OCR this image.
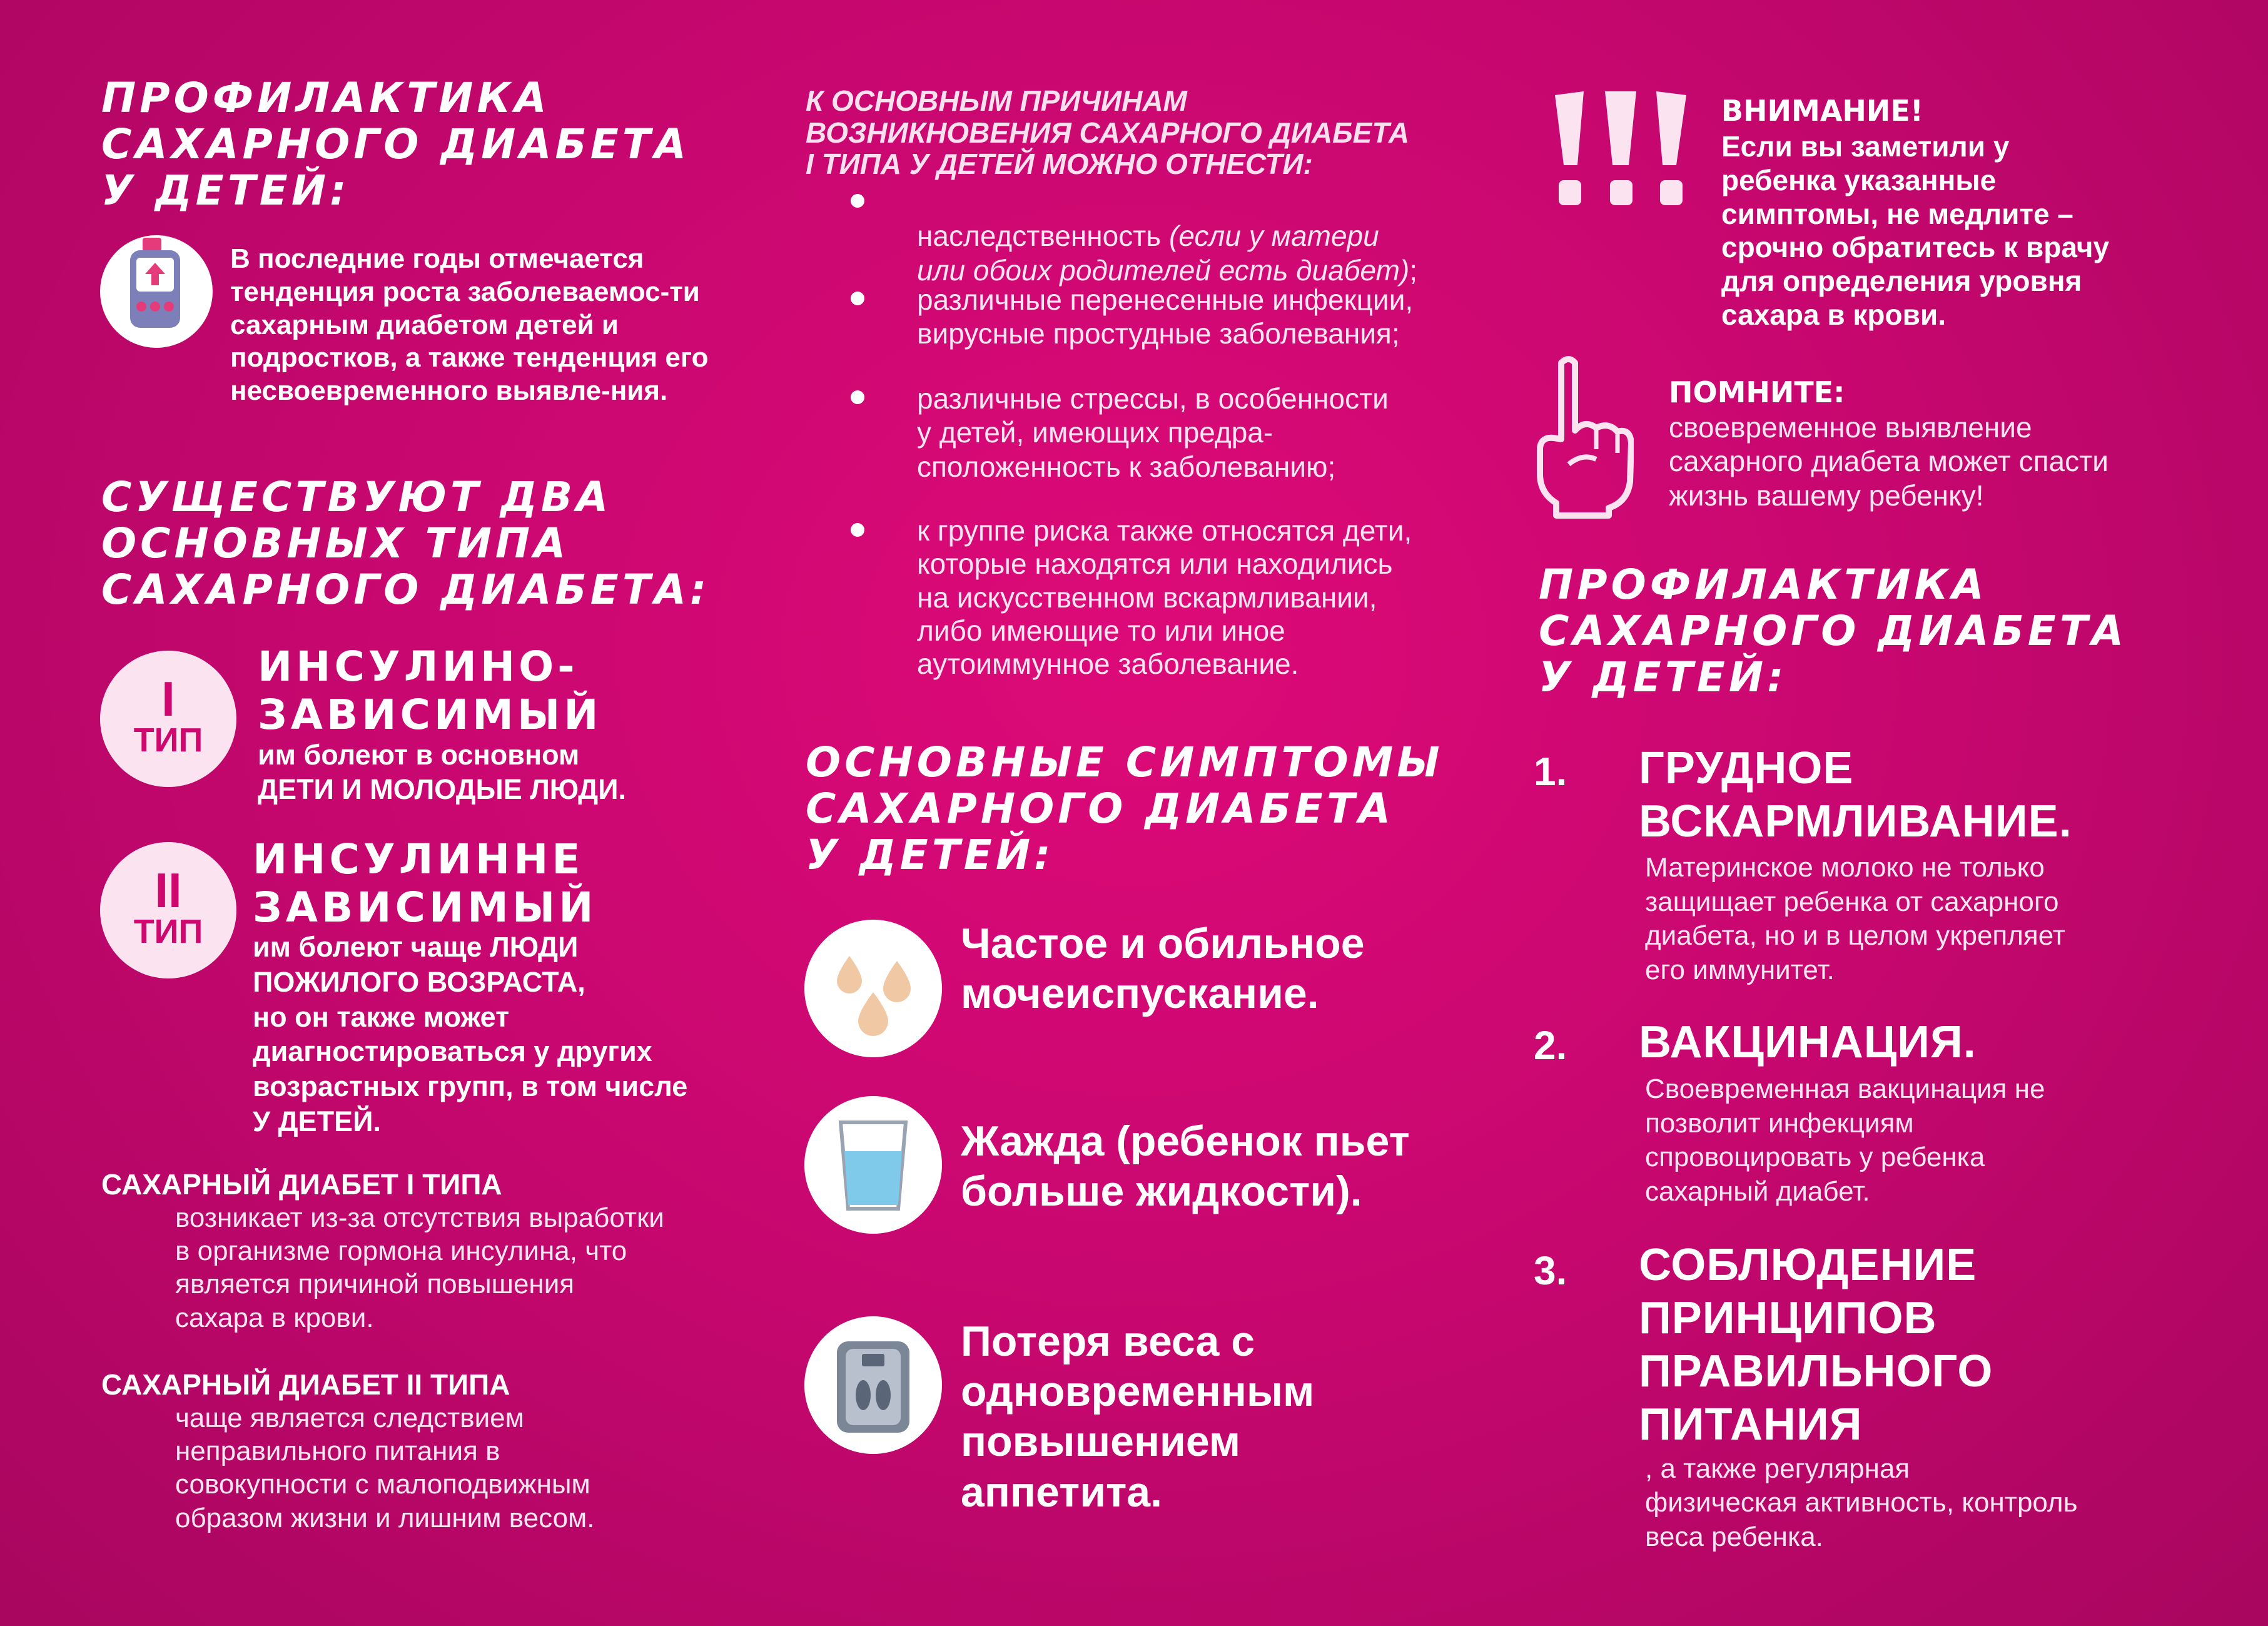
ПРОФИЛАКТИКА
САХАРНОГО ДИАБЕТА
У ДЕТЕЙ:

В последние годы отмечается тенденция роста заболеваемос-ти сахарным диабетом детей и подростков, а также тенденция его несвоевременного выявле-ния.

СУЩЕСТВУЮТ ДВА
ОСНОВНЫХ ТИПА
САХАРНОГО ДИАБЕТА:
I
ТИП
ИНСУЛИНО-
ЗАВИСИМЫЙ
им болеют в основном
ДЕТИ И МОЛОДЫЕ ЛЮДИ.
II
ТИП
ИНСУЛИННЕ
ЗАВИСИМЫЙ
им болеют чаще ЛЮДИ
ПОЖИЛОГО ВОЗРАСТА,
но он также может
диагностироваться у других
возрастных групп, в том числе
У ДЕТЕЙ.
САХАРНЫЙ ДИАБЕТ I ТИПА
возникает из-за отсутствия выработки
в организме гормона инсулина, что
является причиной повышения
сахара в крови.
САХАРНЫЙ ДИАБЕТ II ТИПА
чаще является следствием
неправильного питания в
совокупности с малоподвижным
образом жизни и лишним весом.
К ОСНОВНЫМ ПРИЧИНАМ
ВОЗНИКНОВЕНИЯ САХАРНОГО ДИАБЕТА
I ТИПА У ДЕТЕЙ МОЖНО ОТНЕСТИ:

наследственность (если у матери
или обоих родителей есть диабет);

различные перенесенные инфекции,
вирусные простудные заболевания;
различные стрессы, в особенности
у детей, имеющих предра-
сположенность к заболеванию;
к группе риска также относятся дети,
которые находятся или находились
на искусственном вскармливании,
либо имеющие то или иное
аутоиммунное заболевание.
ОСНОВНЫЕ СИМПТОМЫ
САХАРНОГО ДИАБЕТА
У ДЕТЕЙ:
Частое и обильное
мочеиспускание.
Жажда (ребенок пьет
больше жидкости).
Потеря веса с
одновременным
повышением
аппетита.
ВНИМАНИЕ!
Если вы заметили у
ребенка указанные
симптомы, не медлите –
срочно обратитесь к врачу
для определения уровня
сахара в крови.
ПОМНИТЕ:
своевременное выявление
сахарного диабета может спасти
жизнь вашему ребенку!
ПРОФИЛАКТИКА
САХАРНОГО ДИАБЕТА
У ДЕТЕЙ:
1. ГРУДНОЕ
ВСКАРМЛИВАНИЕ.
Материнское молоко не только
защищает ребенка от сахарного
диабета, но и в целом укрепляет
его иммунитет.
2. ВАКЦИНАЦИЯ.
Своевременная вакцинация не
позволит инфекциям
спровоцировать у ребенка
сахарный диабет.
3. СОБЛЮДЕНИЕ
ПРИНЦИПОВ
ПРАВИЛЬНОГО
ПИТАНИЯ

, а также регулярная
физическая активность, контроль
веса ребенка.
